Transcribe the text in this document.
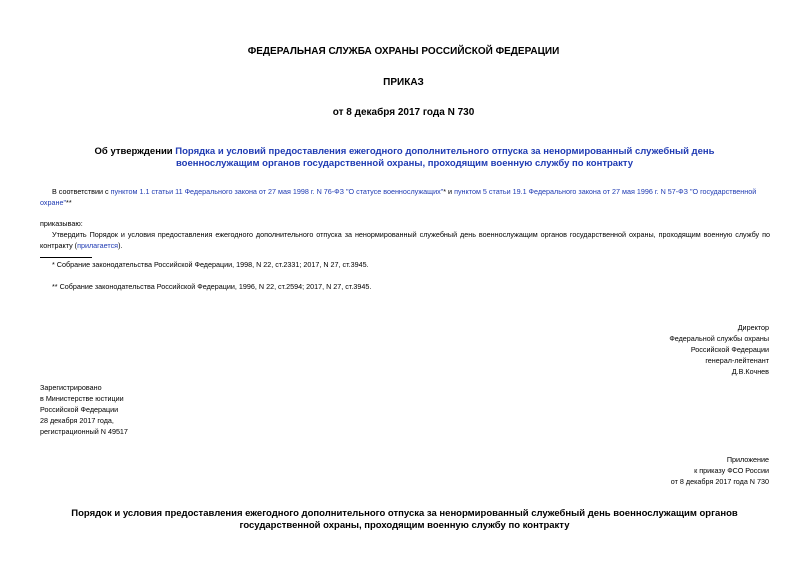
ФЕДЕРАЛЬНАЯ СЛУЖБА ОХРАНЫ РОССИЙСКОЙ ФЕДЕРАЦИИ
ПРИКАЗ
от 8 декабря 2017 года N 730
Об утверждении Порядка и условий предоставления ежегодного дополнительного отпуска за ненормированный служебный день военнослужащим органов государственной охраны, проходящим военную службу по контракту
В соответствии с пунктом 1.1 статьи 11 Федерального закона от 27 мая 1998 г. N 76-ФЗ "О статусе военнослужащих"* и пунктом 5 статьи 19.1 Федерального закона от 27 мая 1996 г. N 57-ФЗ "О государственной охране"**
приказываю:
Утвердить Порядок и условия предоставления ежегодного дополнительного отпуска за ненормированный служебный день военнослужащим органов государственной охраны, проходящим военную службу по контракту (прилагается).
* Собрание законодательства Российской Федерации, 1998, N 22, ст.2331; 2017, N 27, ст.3945.
** Собрание законодательства Российской Федерации, 1996, N 22, ст.2594; 2017, N 27, ст.3945.
Директор
Федеральной службы охраны
Российской Федерации
генерал-лейтенант
Д.В.Кочнев
Зарегистрировано
в Министерстве юстиции
Российской Федерации
28 декабря 2017 года,
регистрационный N 49517
Приложение
к приказу ФСО России
от 8 декабря 2017 года N 730
Порядок и условия предоставления ежегодного дополнительного отпуска за ненормированный служебный день военнослужащим органов государственной охраны, проходящим военную службу по контракту
